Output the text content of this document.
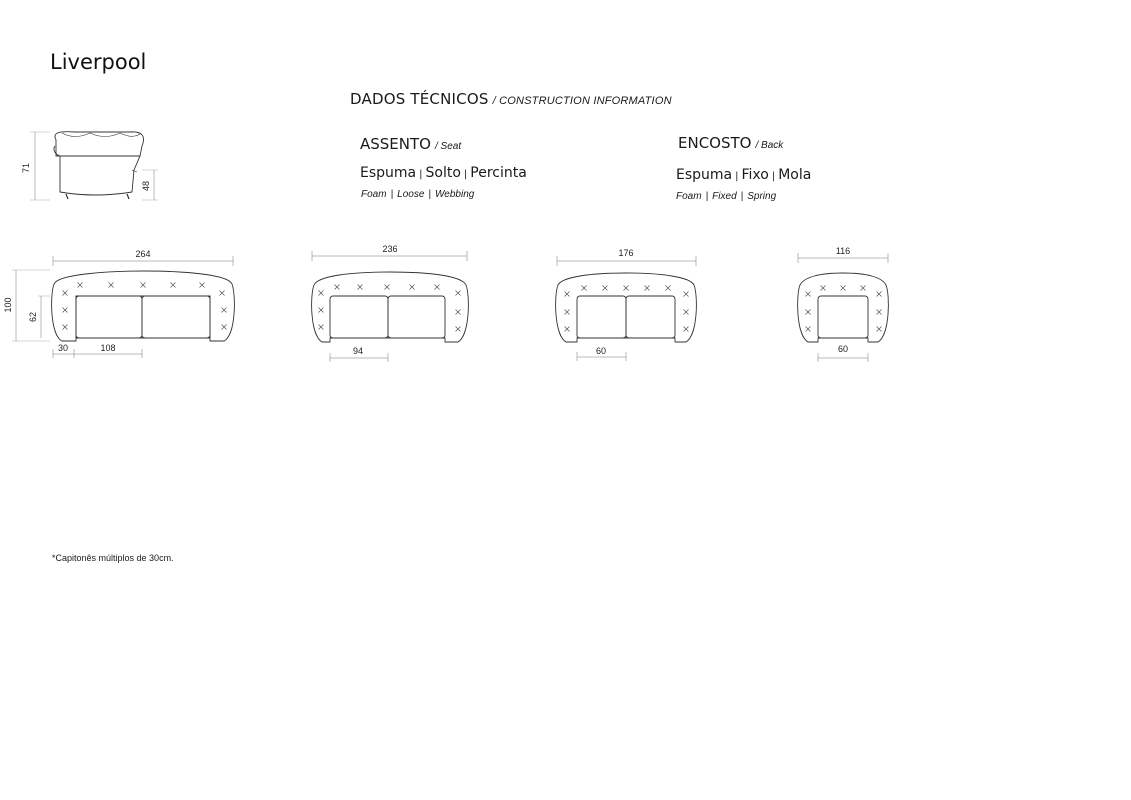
Liverpool
DADOS TÉCNICOS / CONSTRUCTION INFORMATION
ASSENTO / Seat
Espuma | Solto | Percinta
Foam | Loose | Webbing
ENCOSTO / Back
Espuma | Fixo | Mola
Foam | Fixed | Spring
*Capitonês múltiplos de 30cm.
71
48
264
100
62
30	108
236
94
176
60
116
60
